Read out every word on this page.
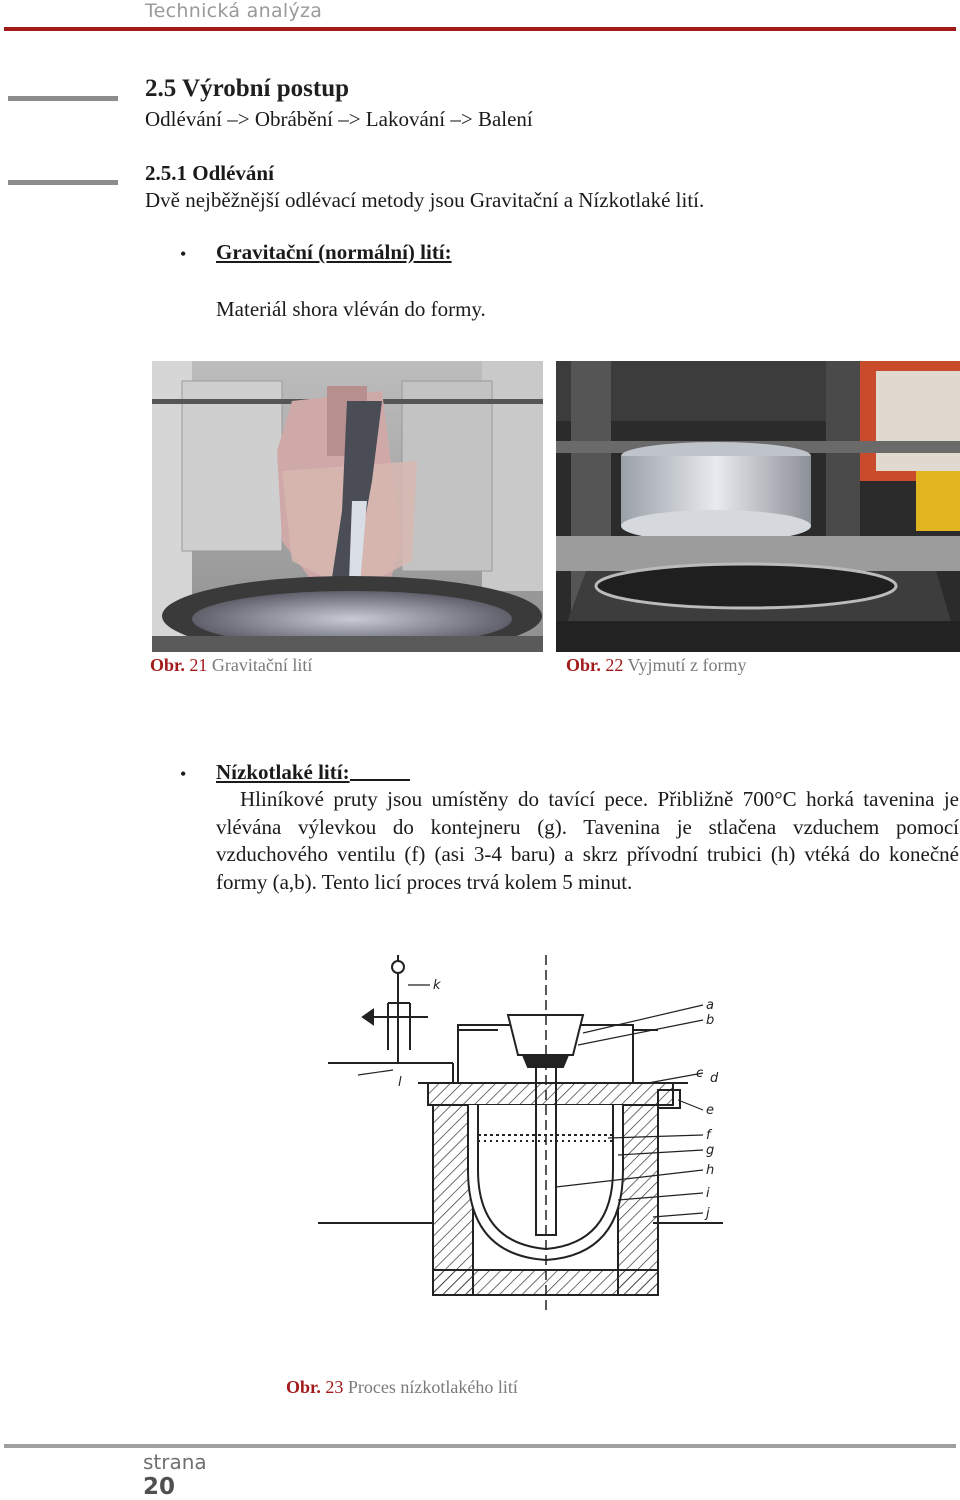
Technická analýza
2.5 Výrobní postup
Odlévání –> Obrábění –> Lakování –> Balení
2.5.1 Odlévání
Dvě nejběžnější odlévací metody jsou Gravitační a Nízkotlaké lití.
• Gravitační (normální) lití:
Materiál shora vléván do formy.
Obr. 21 Gravitační lití	Obr. 22 Vyjmutí z formy
• Nízkotlaké lití:
Hliníkové pruty jsou umístěny do tavící pece. Přibližně 700°C horká tavenina je vlévána výlevkou do kontejneru (g). Tavenina je stlačena vzduchem pomocí vzduchového ventilu (f) (asi 3-4 baru) a skrz přívodní trubici (h) vtéká do konečné formy (a,b). Tento licí proces trvá kolem 5 minut.
k
a
b
l
c d
e
f
g
h
i
j
Obr. 23 Proces nízkotlakého lití
strana
20
